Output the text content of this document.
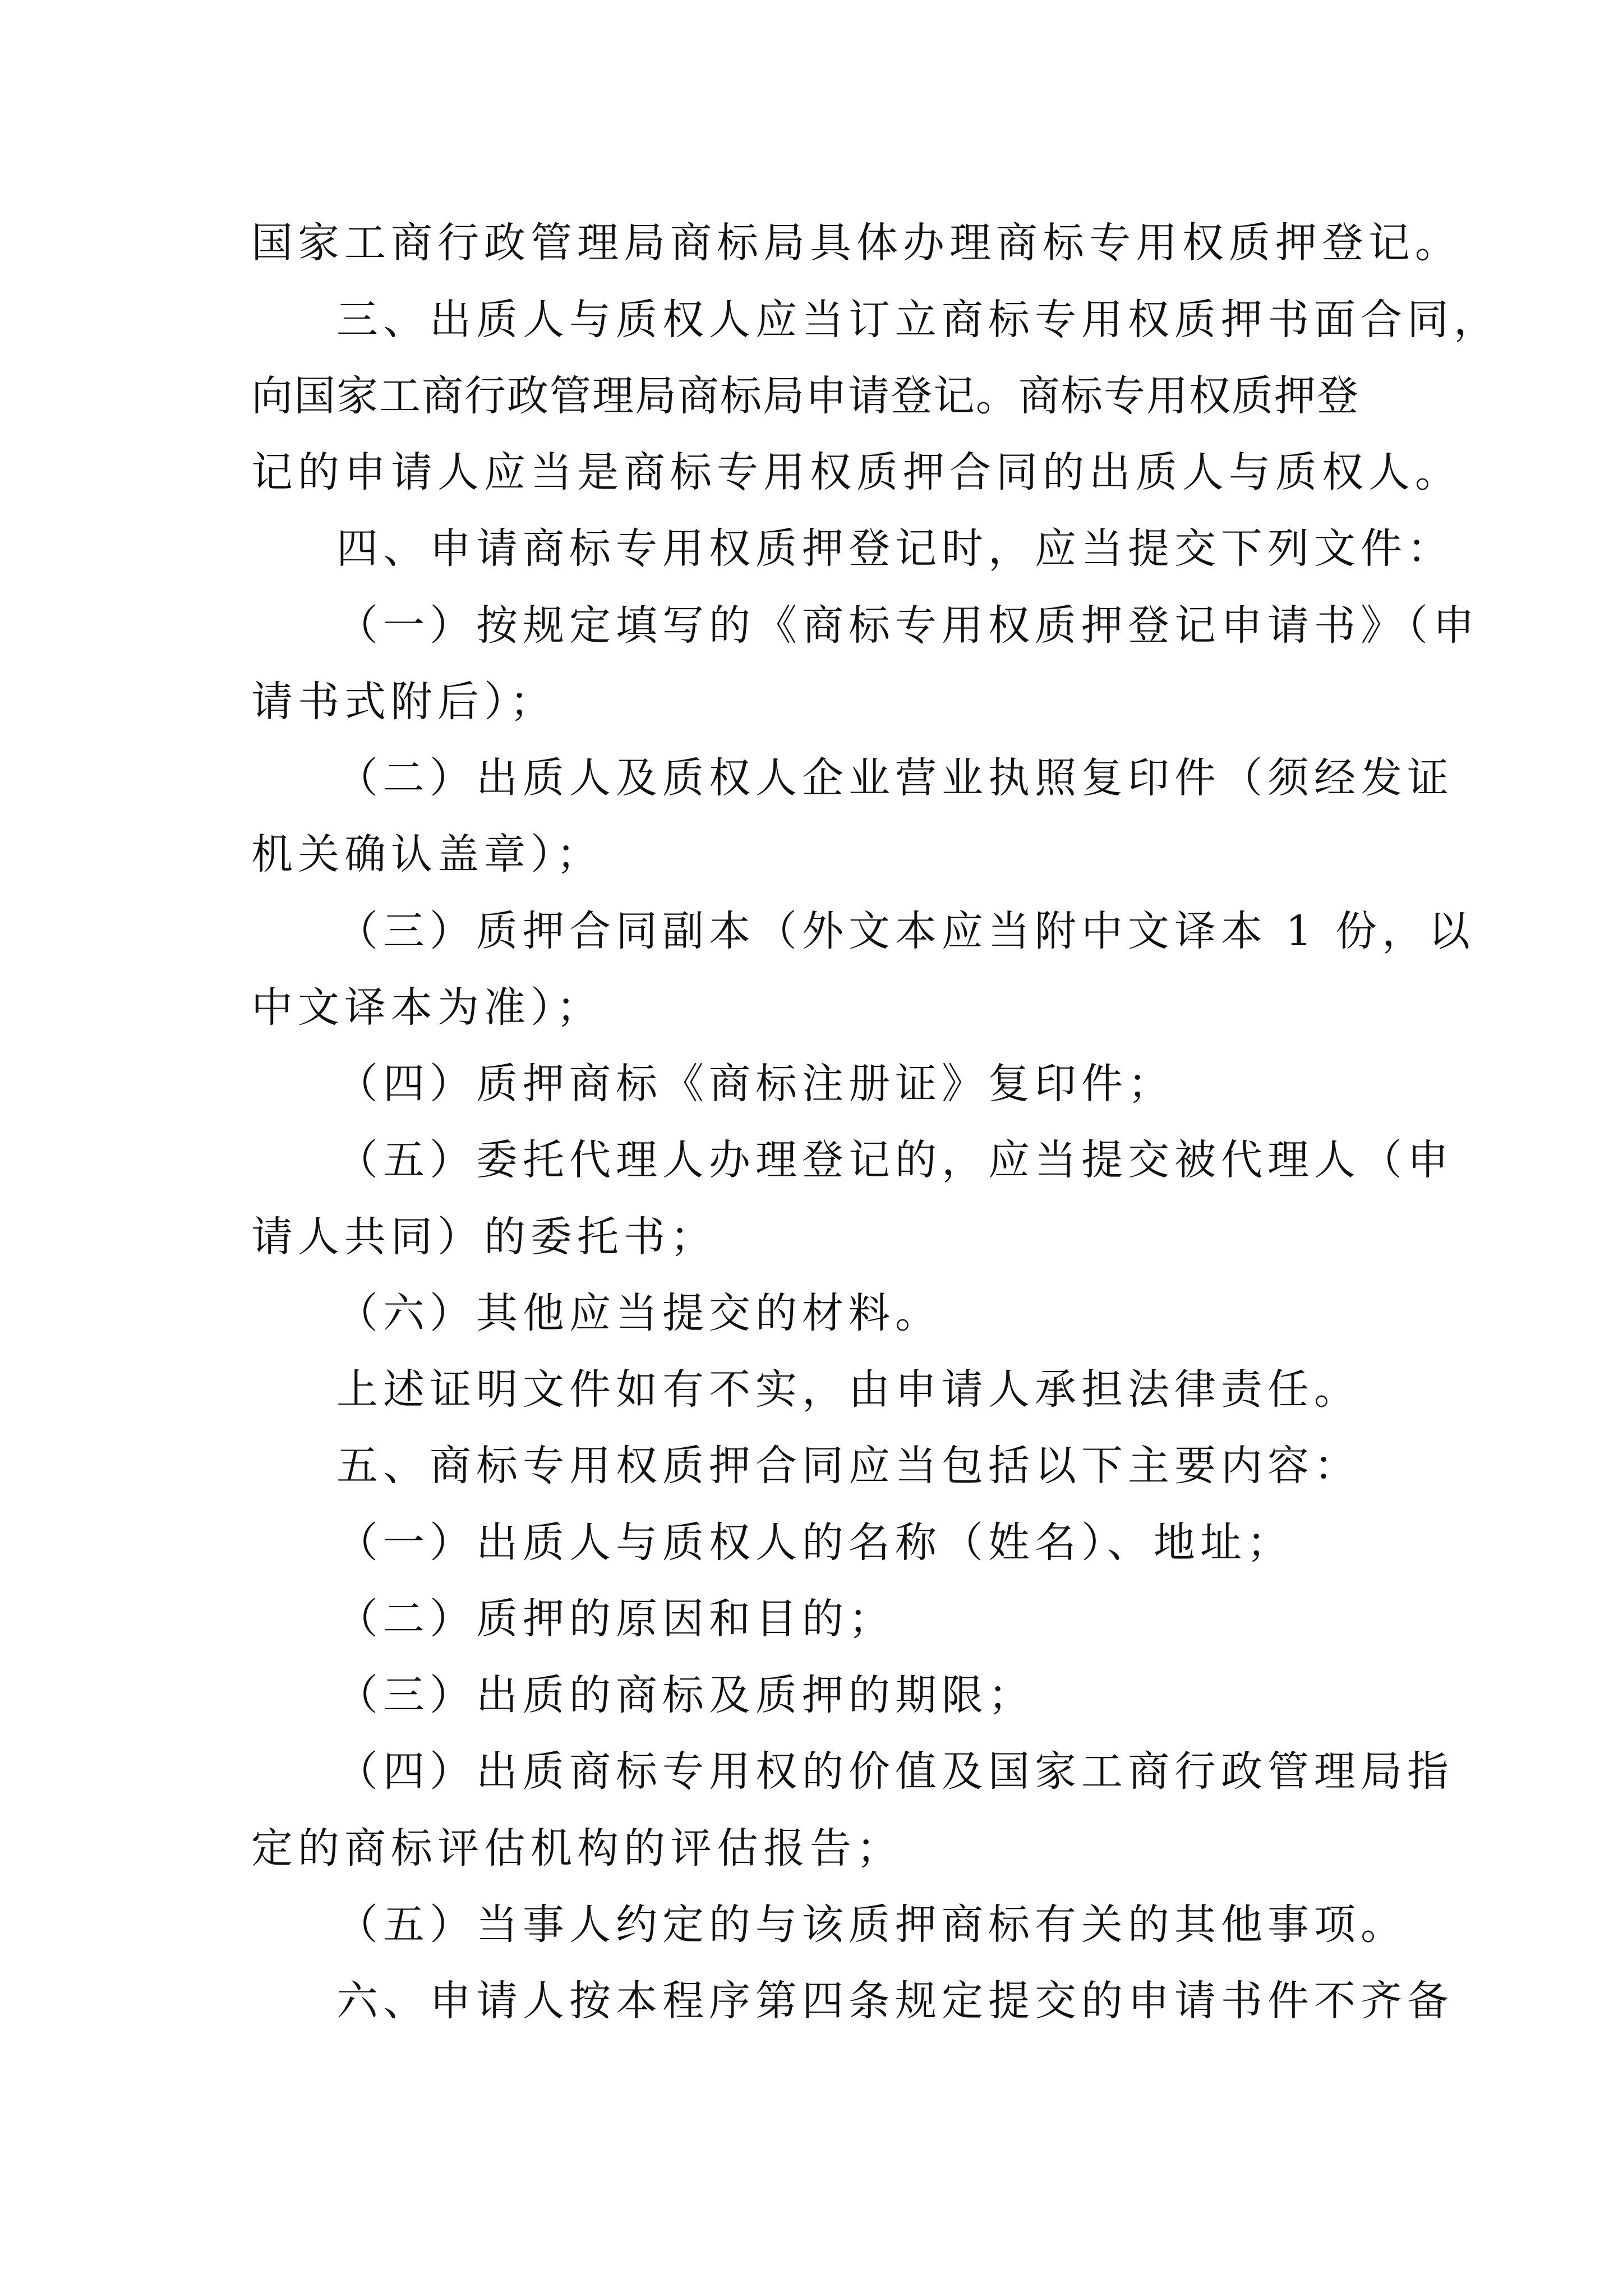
国家工商行政管理局商标局具体办理商标专用权质押登记。
三、出质人与质权人应当订立商标专用权质押书面合同，
向国家工商行政管理局商标局申请登记。商标专用权质押登
记的申请人应当是商标专用权质押合同的出质人与质权人。
四、申请商标专用权质押登记时，应当提交下列文件：
（一）按规定填写的《商标专用权质押登记申请书》（申
请书式附后）；
（二）出质人及质权人企业营业执照复印件（须经发证
机关确认盖章）；
（三）质押合同副本（外文本应当附中文译本 1 份，以
中文译本为准）；
（四）质押商标《商标注册证》复印件；
（五）委托代理人办理登记的，应当提交被代理人（申
请人共同）的委托书；
（六）其他应当提交的材料。
上述证明文件如有不实，由申请人承担法律责任。
五、商标专用权质押合同应当包括以下主要内容：
（一）出质人与质权人的名称（姓名）、地址；
（二）质押的原因和目的；
（三）出质的商标及质押的期限；
（四）出质商标专用权的价值及国家工商行政管理局指
定的商标评估机构的评估报告；
（五）当事人约定的与该质押商标有关的其他事项。
六、申请人按本程序第四条规定提交的申请书件不齐备
